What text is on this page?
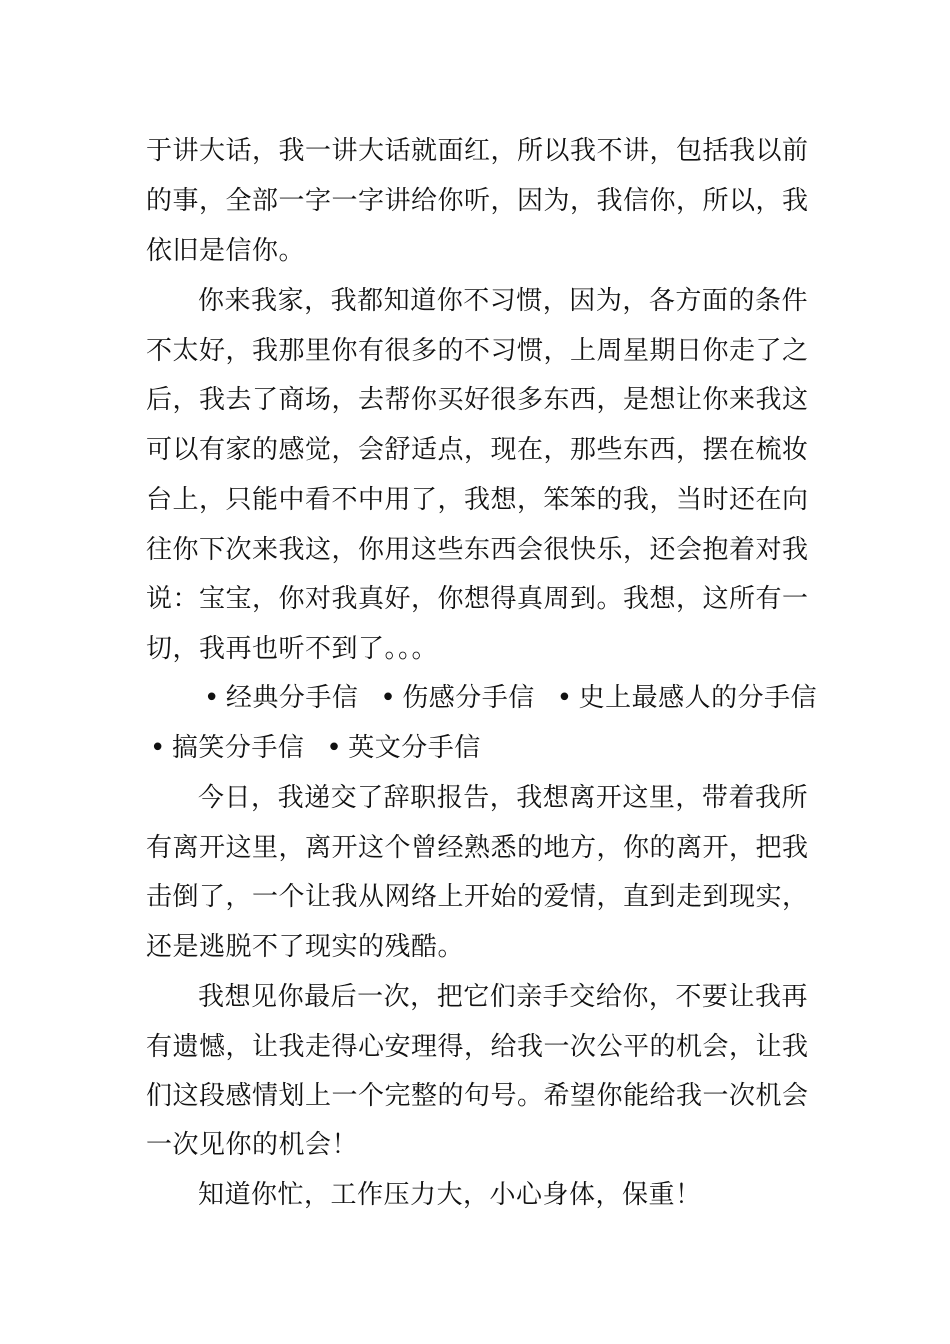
于讲大话，我一讲大话就面红，所以我不讲，包括我以前
的事，全部一字一字讲给你听，因为，我信你，所以，我
依旧是信你。
你来我家，我都知道你不习惯，因为，各方面的条件
不太好，我那里你有很多的不习惯，上周星期日你走了之
后，我去了商场，去帮你买好很多东西，是想让你来我这
可以有家的感觉，会舒适点，现在，那些东西，摆在梳妆
台上，只能中看不中用了，我想，笨笨的我，当时还在向
往你下次来我这，你用这些东西会很快乐，还会抱着对我
说：宝宝，你对我真好，你想得真周到。我想，这所有一
切，我再也听不到了。。。
• 经典分手信 • 伤感分手信 • 史上最感人的分手信
• 搞笑分手信 • 英文分手信
今日，我递交了辞职报告，我想离开这里，带着我所
有离开这里，离开这个曾经熟悉的地方，你的离开，把我
击倒了，一个让我从网络上开始的爱情，直到走到现实，
还是逃脱不了现实的残酷。
我想见你最后一次，把它们亲手交给你，不要让我再
有遗憾，让我走得心安理得，给我一次公平的机会，让我
们这段感情划上一个完整的句号。希望你能给我一次机会
一次见你的机会！
知道你忙，工作压力大，小心身体，保重！
